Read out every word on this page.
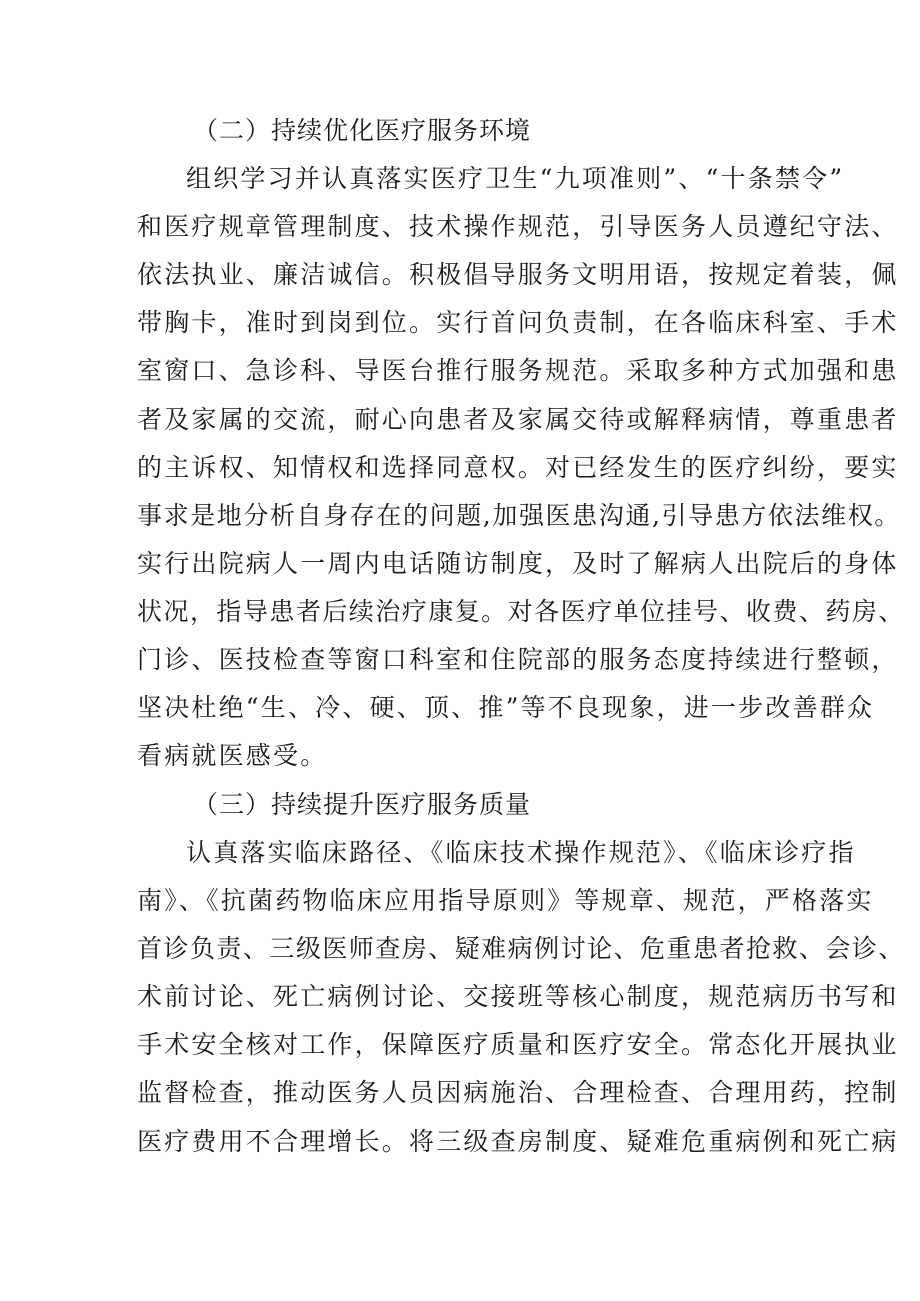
（二）持续优化医疗服务环境
组织学习并认真落实医疗卫生“九项准则”、“十条禁令”
和医疗规章管理制度、技术操作规范，引导医务人员遵纪守法、
依法执业、廉洁诚信。积极倡导服务文明用语，按规定着装，佩
带胸卡，准时到岗到位。实行首问负责制，在各临床科室、手术
室窗口、急诊科、导医台推行服务规范。采取多种方式加强和患
者及家属的交流，耐心向患者及家属交待或解释病情，尊重患者
的主诉权、知情权和选择同意权。对已经发生的医疗纠纷，要实
事求是地分析自身存在的问题,加强医患沟通,引导患方依法维权。
实行出院病人一周内电话随访制度，及时了解病人出院后的身体
状况，指导患者后续治疗康复。对各医疗单位挂号、收费、药房、
门诊、医技检查等窗口科室和住院部的服务态度持续进行整顿，
坚决杜绝“生、冷、硬、顶、推”等不良现象，进一步改善群众
看病就医感受。
（三）持续提升医疗服务质量
认真落实临床路径、《临床技术操作规范》、《临床诊疗指
南》、《抗菌药物临床应用指导原则》等规章、规范，严格落实
首诊负责、三级医师查房、疑难病例讨论、危重患者抢救、会诊、
术前讨论、死亡病例讨论、交接班等核心制度，规范病历书写和
手术安全核对工作，保障医疗质量和医疗安全。常态化开展执业
监督检查，推动医务人员因病施治、合理检查、合理用药，控制
医疗费用不合理增长。将三级查房制度、疑难危重病例和死亡病
